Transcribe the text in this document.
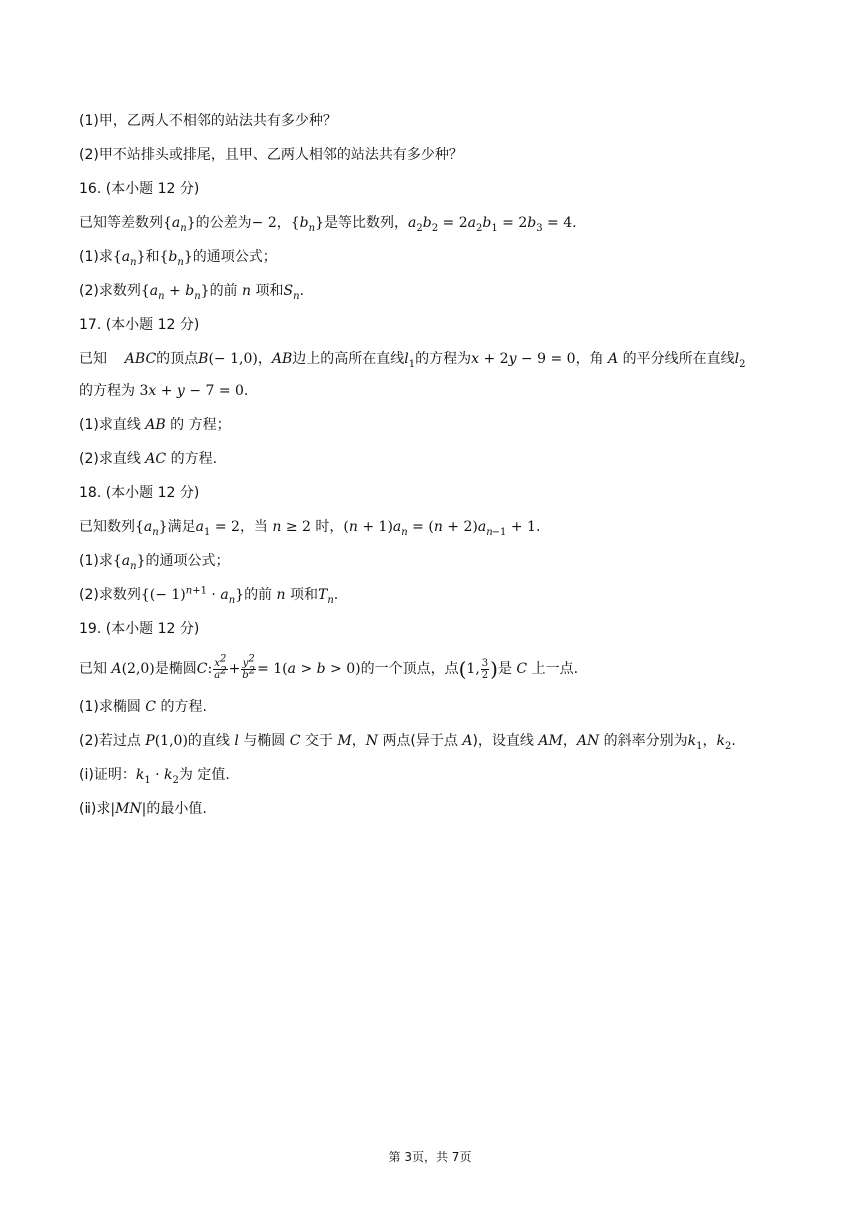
(1)甲，乙两人不相邻的站法共有多少种？
(2)甲不站排头或排尾，且甲、乙两人相邻的站法共有多少种？
16. (本小题 12 分)
已知等差数列$\{a_n\}$的公差为− 2，$\{b_n\}$是等比数列，$a_2b_2 = 2a_2b_1 = 2b_3 = 4$.
(1)求$\{a_n\}$和$\{b_n\}$的通项公式；
(2)求数列$\{a_n + b_n\}$的前 n 项和$S_n$.
17. (本小题 12 分)
已知    ABC的顶点B(− 1,0)，AB边上的高所在直线$l_1$的方程为x + 2y − 9 = 0，角 A 的平分线所在直线$l_2$
的方程为 3x + y − 7 = 0.
(1)求直线 AB 的 方程；
(2)求直线 AC 的方程.
18. (本小题 12 分)
已知数列$\{a_n\}$满足$a_1 = 2$，当 n ≥ 2 时，$(n + 1)a_n = (n + 2)a_{n-1} + 1$.
(1)求$\{a_n\}$的通项公式；
(2)求数列{(− $1)^{n+1} \cdot a_n$}的前 n 项和$T_n$.
19. (本小题 12 分)
已知 A(2,0)是椭圆C: $\frac{x^2}{a^2} + \frac{y^2}{b^2} = 1(a > b > 0)$的一个顶点，点(1, $\frac{3}{2}$ )是 C 上一点.
(1)求椭圆 C 的方程.
(2)若过点 P(1,0)的直线 l 与椭圆 C 交于 M，N 两点(异于点 A)，设直线 AM，AN 的斜率分别为$k_1$，$k_2$.
(ⅰ)证明：$k_1 \cdot k_2$为 定值.
(ⅱ)求|MN|的最小值.
第 3页，共 7页
